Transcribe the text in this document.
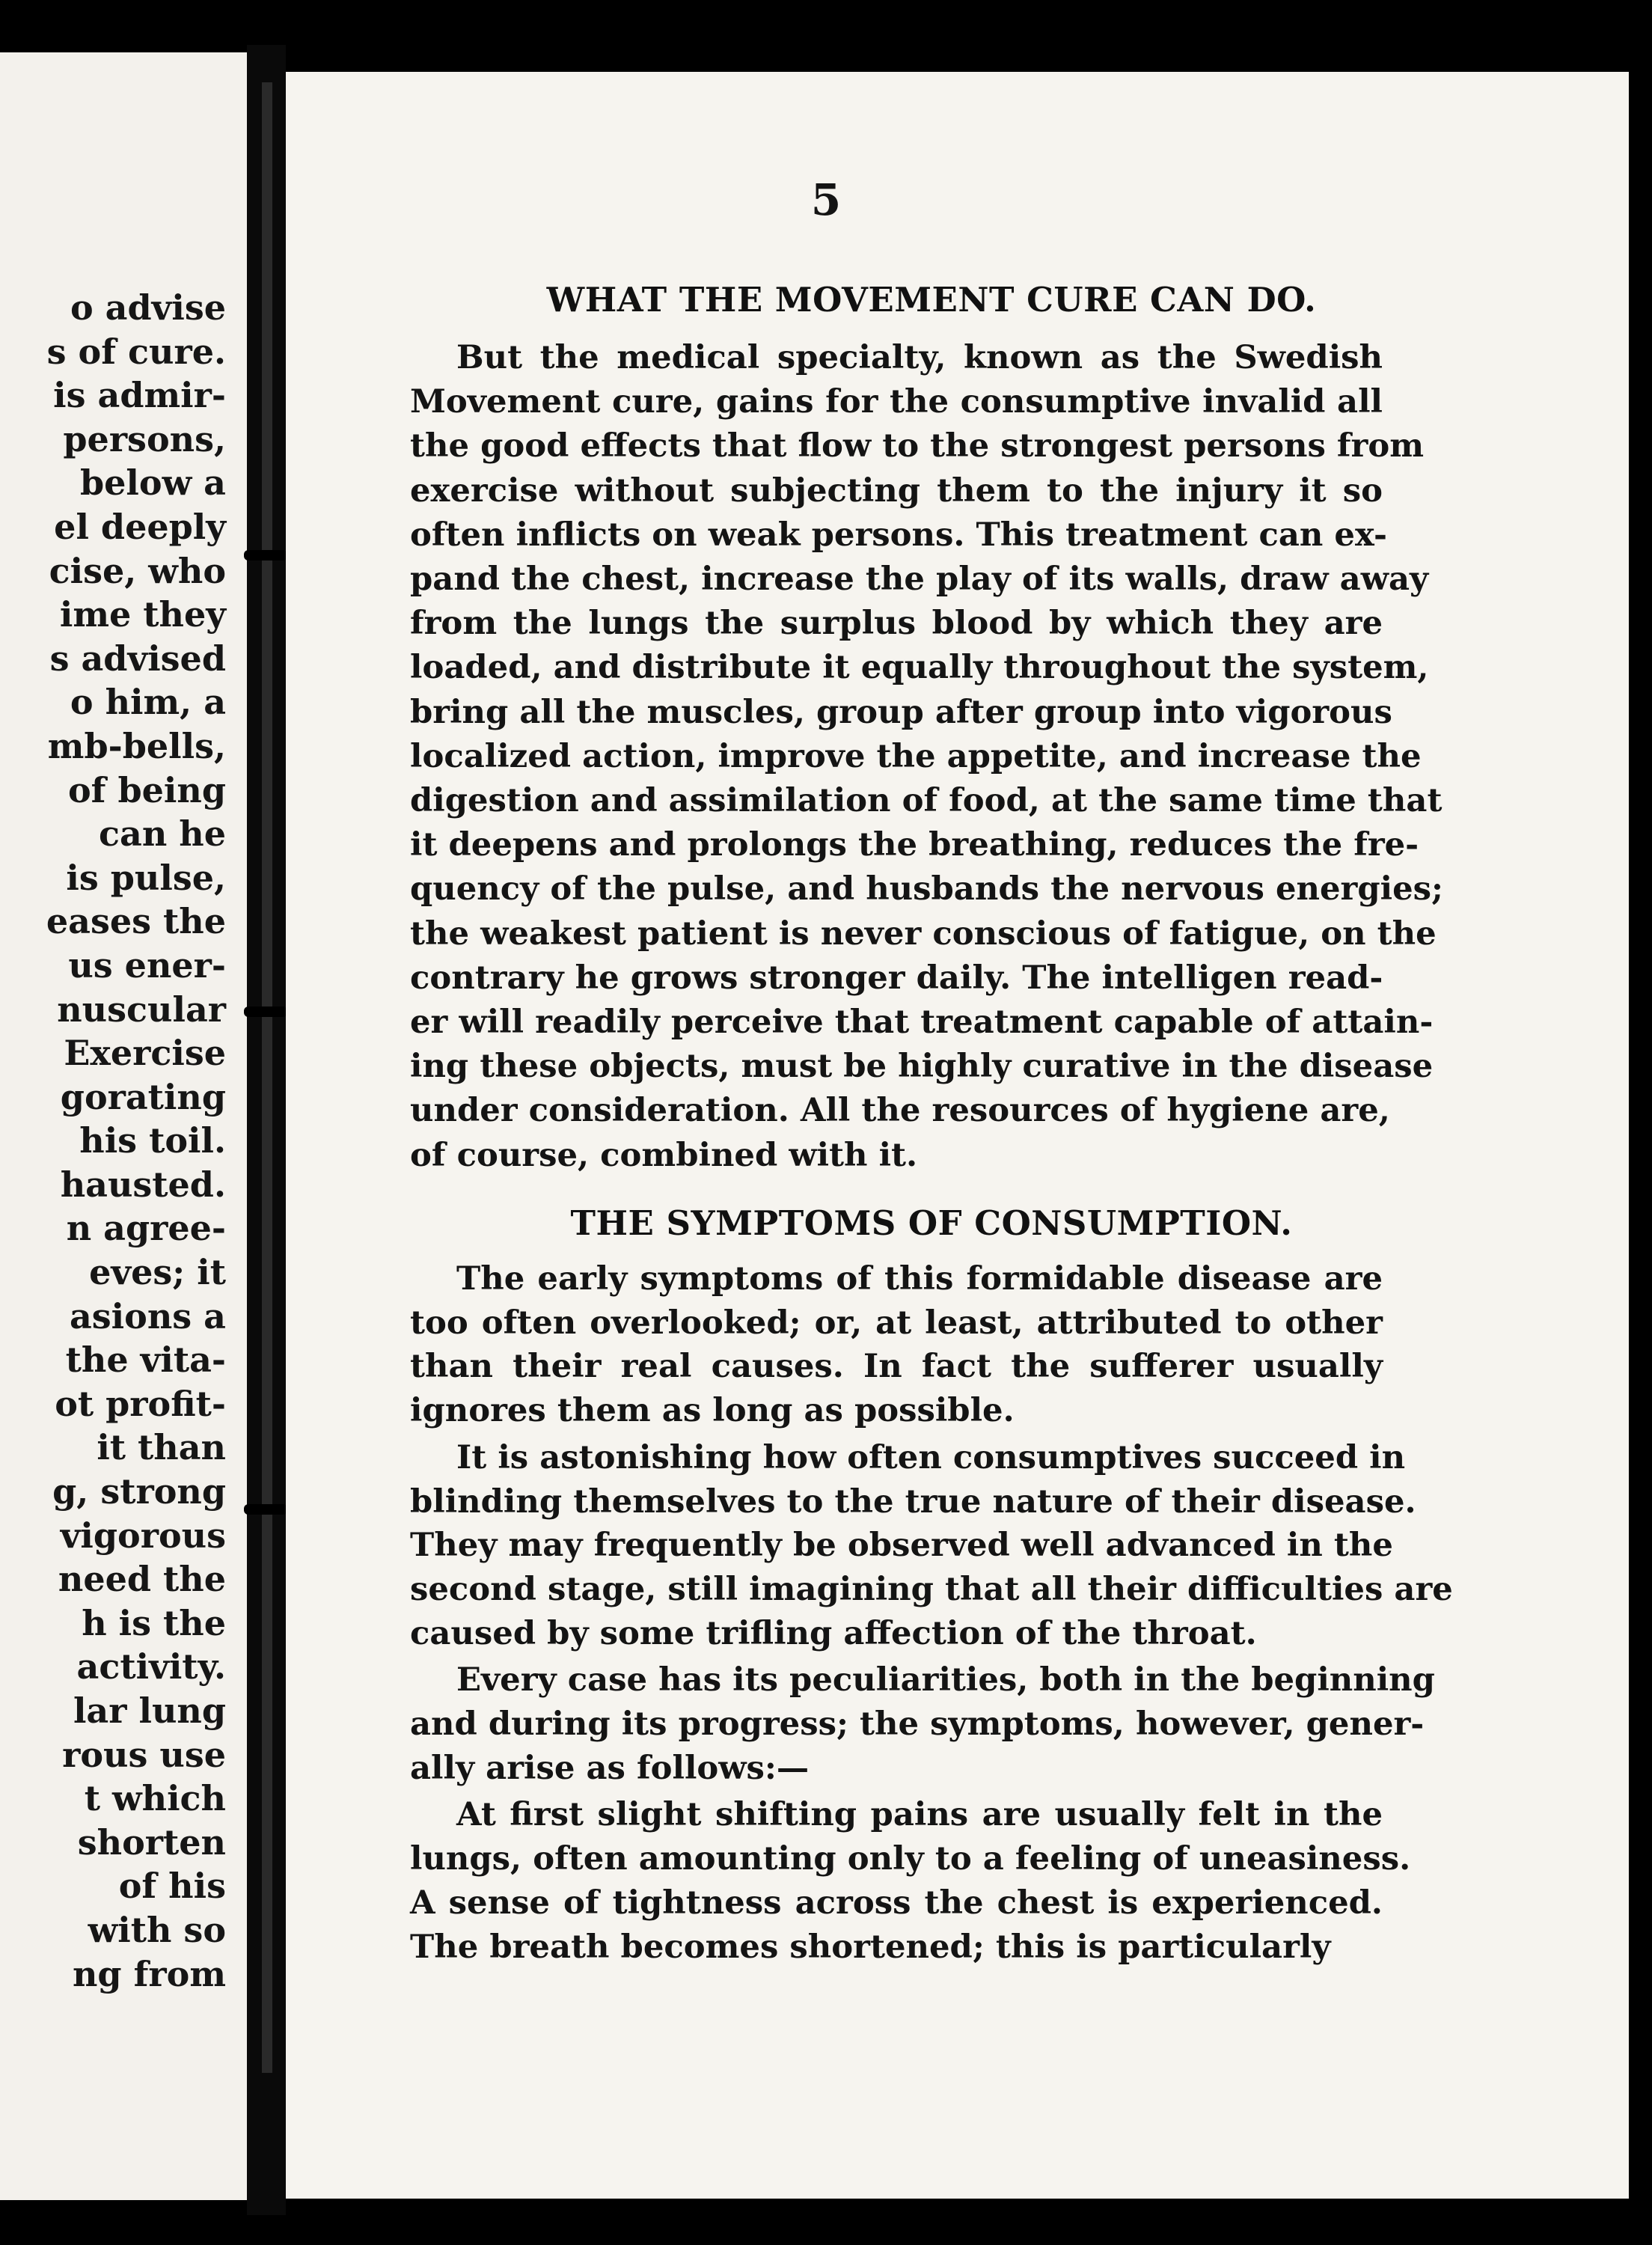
o advise
s of cure.
is admir-
persons,
below a
el deeply
cise, who
ime they
s advised
o him, a
mb-bells,
of being
can he
is pulse,
eases the
us ener-
nuscular
Exercise
gorating
his toil.
hausted.
n agree-
eves; it
asions a
the vita-
ot profit-
it than
g, strong
vigorous
need the
h is the
activity.
lar lung
rous use
t which
shorten
of his
with so
ng from
5
WHAT THE MOVEMENT CURE CAN DO.
But the medical specialty, known as the Swedish
Movement cure, gains for the consumptive invalid all
the good effects that flow to the strongest persons from
exercise without subjecting them to the injury it so
often inflicts on weak persons. This treatment can ex-
pand the chest, increase the play of its walls, draw away
from the lungs the surplus blood by which they are
loaded, and distribute it equally throughout the system,
bring all the muscles, group after group into vigorous
localized action, improve the appetite, and increase the
digestion and assimilation of food, at the same time that
it deepens and prolongs the breathing, reduces the fre-
quency of the pulse, and husbands the nervous energies;
the weakest patient is never conscious of fatigue, on the
contrary he grows stronger daily. The intelligen read-
er will readily perceive that treatment capable of attain-
ing these objects, must be highly curative in the disease
under consideration. All the resources of hygiene are,
of course, combined with it.
THE SYMPTOMS OF CONSUMPTION.
The early symptoms of this formidable disease are
too often overlooked; or, at least, attributed to other
than their real causes. In fact the sufferer usually
ignores them as long as possible.
It is astonishing how often consumptives succeed in
blinding themselves to the true nature of their disease.
They may frequently be observed well advanced in the
second stage, still imagining that all their difficulties are
caused by some trifling affection of the throat.
Every case has its peculiarities, both in the beginning
and during its progress; the symptoms, however, gener-
ally arise as follows:—
At first slight shifting pains are usually felt in the
lungs, often amounting only to a feeling of uneasiness.
A sense of tightness across the chest is experienced.
The breath becomes shortened; this is particularly
